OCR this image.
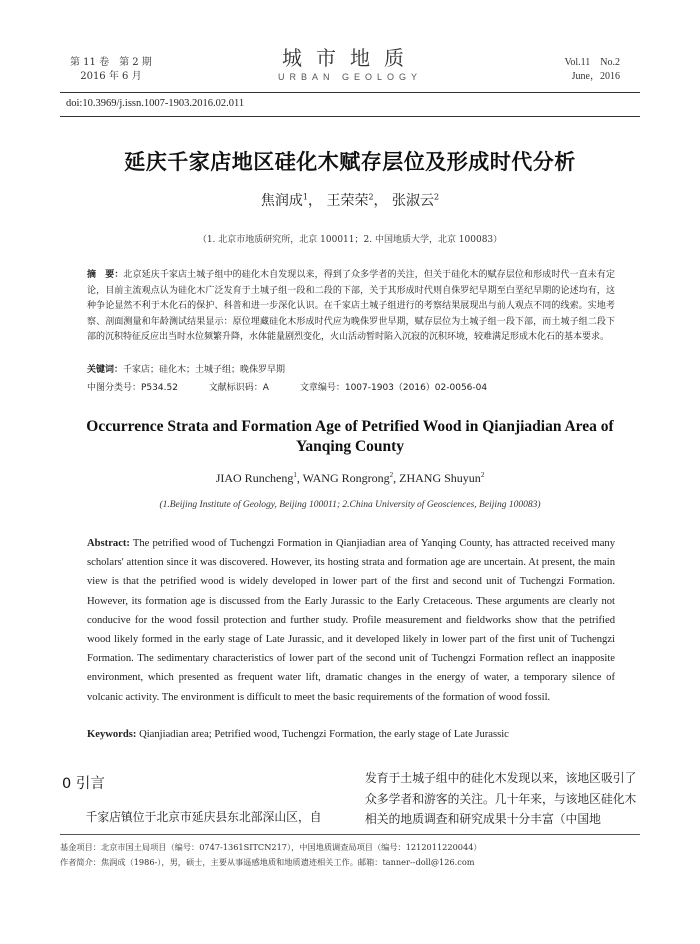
第 11 卷　第 2 期
2016 年 6 月
城市地质
URBAN GEOLOGY
Vol.11　No.2
June，2016
doi:10.3969/j.issn.1007-1903.2016.02.011
延庆千家店地区硅化木赋存层位及形成时代分析
焦润成$^1$， 王荣荣$^2$， 张淑云$^2$
（1. 北京市地质研究所，北京 100011；2. 中国地质大学，北京 100083）
摘　要：北京延庆千家店土城子组中的硅化木自发现以来，得到了众多学者的关注，但关于硅化木的赋存层位和形成时代一直未有定论，目前主流观点认为硅化木广泛发育于土城子组一段和二段的下部，关于其形成时代则自侏罗纪早期至白垩纪早期的论述均有，这种争论显然不利于木化石的保护、科普和进一步深化认识。在千家店土城子组进行的考察结果展现出与前人观点不同的线索。实地考察、剖面测量和年龄测试结果显示：原位埋藏硅化木形成时代应为晚侏罗世早期，赋存层位为土城子组一段下部，而土城子组二段下部的沉积特征反应出当时水位频繁升降，水体能量剧烈变化，火山活动暂时陷入沉寂的沉积环境，较难满足形成木化石的基本要求。
关键词：千家店；硅化木；土城子组；晚侏罗早期
中图分类号：P534.52	文献标识码：A	文章编号：1007-1903（2016）02-0056-04
Occurrence Strata and Formation Age of Petrified Wood in Qianjiadian Area of Yanqing County
JIAO Runcheng$^1$, WANG Rongrong$^2$, ZHANG Shuyun$^2$
(1.Beijing Institute of Geology, Beijing 100011; 2.China University of Geosciences, Beijing 100083)
Abstract: The petrified wood of Tuchengzi Formation in Qianjiadian area of Yanqing County, has attracted received many scholars' attention since it was discovered. However, its hosting strata and formation age are uncertain. At present, the main view is that the petrified wood is widely developed in lower part of the first and second unit of Tuchengzi Formation. However, its formation age is discussed from the Early Jurassic to the Early Cretaceous. These arguments are clearly not conducive for the wood fossil protection and further study. Profile measurement and fieldworks show that the petrified wood likely formed in the early stage of Late Jurassic, and it developed likely in lower part of the first unit of Tuchengzi Formation. The sedimentary characteristics of lower part of the second unit of Tuchengzi Formation reflect an inapposite environment, which presented as frequent water lift, dramatic changes in the energy of water, a temporary silence of volcanic activity. The environment is difficult to meet the basic requirements of the formation of wood fossil.
Keywords: Qianjiadian area; Petrified wood, Tuchengzi Formation, the early stage of Late Jurassic
0 引言
千家店镇位于北京市延庆县东北部深山区，自
发育于土城子组中的硅化木发现以来，该地区吸引了众多学者和游客的关注。几十年来，与该地区硅化木相关的地质调查和研究成果十分丰富（中国地
基金项目：北京市国土局项目（编号：0747-1361SITCN217），中国地质调查局项目（编号：1212011220044）
作者简介：焦润成（1986-），男，硕士，主要从事遥感地质和地质遗迹相关工作。邮箱：tanner--doll@126.com
